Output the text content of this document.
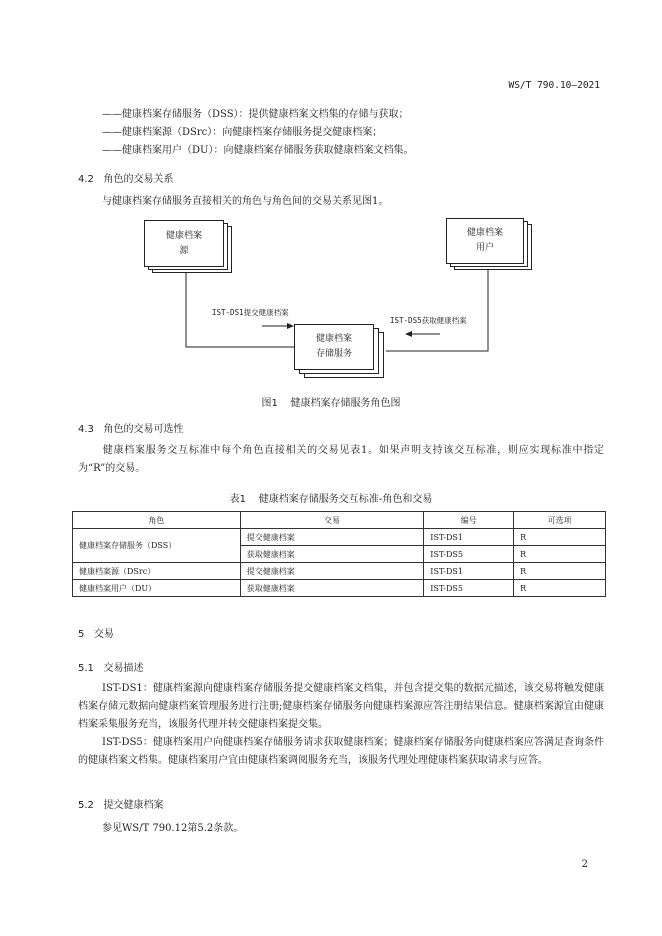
WS/T 790.10—2021
——健康档案存储服务（DSS）：提供健康档案文档集的存储与获取；
——健康档案源（DSrc）：向健康档案存储服务提交健康档案；
——健康档案用户（DU）：向健康档案存储服务获取健康档案文档集。
4.2   角色的交易关系
与健康档案存储服务直接相关的角色与角色间的交易关系见图1。
健康档案源
健康档案用户
健康档案存储服务
IST-DS1提交健康档案
IST-DS5获取健康档案
图1    健康档案存储服务角色图
4.3   角色的交易可选性
健康档案服务交互标准中每个角色直接相关的交易见表1。如果声明支持该交互标准，则应实现标准中指定为“R”的交易。
表1    健康档案存储服务交互标准-角色和交易
角色	交易	编号	可选项
健康档案存储服务（DSS）	提交健康档案	IST-DS1	R
	获取健康档案	IST-DS5	R
健康档案源（DSrc）	提交健康档案	IST-DS1	R
健康档案用户（DU）	获取健康档案	IST-DS5	R
5   交易
5.1   交易描述
IST-DS1：健康档案源向健康档案存储服务提交健康档案文档集，并包含提交集的数据元描述，该交易将触发健康档案存储元数据向健康档案管理服务进行注册;健康档案存储服务向健康档案源应答注册结果信息。健康档案源宜由健康档案采集服务充当，该服务代理并转交健康档案提交集。
IST-DS5：健康档案用户向健康档案存储服务请求获取健康档案；健康档案存储服务向健康档案应答满足查询条件的健康档案文档集。健康档案用户宜由健康档案调阅服务充当，该服务代理处理健康档案获取请求与应答。
5.2   提交健康档案
参见WS/T 790.12第5.2条款。
2
